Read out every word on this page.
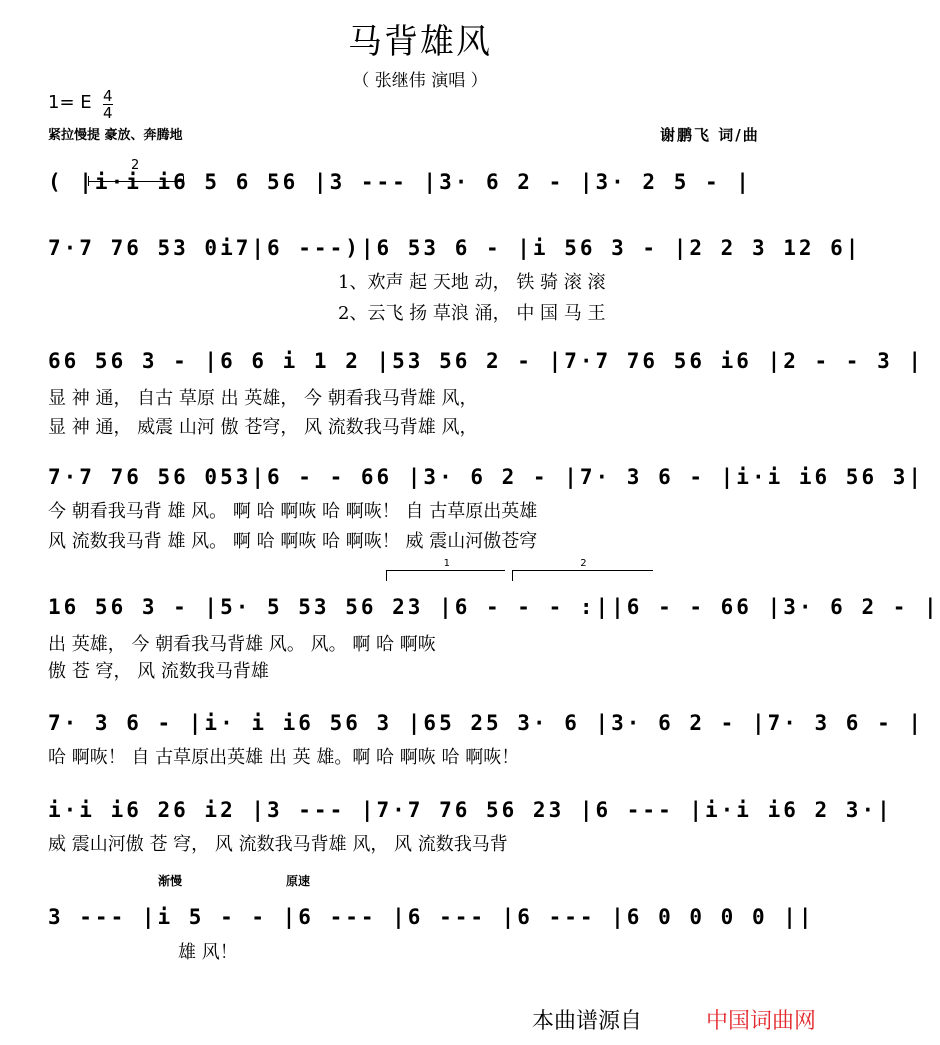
马背雄风
（ 张继伟 演唱 ）
1= E 4
4
紧拉慢提 豪放、奔腾地	谢鹏飞 词/曲
2
( |i·i i6 5 6 56 |3 --- |3· 6 2 - |3· 2 5 - |
7·7 76 53 0i7|6 ---)|6 53 6 - |i 56 3 - |2 2 3 12 6|
66 56 3 - |6 6 i 1 2 |53 56 2 - |7·7 76 56 i6 |2 - - 3 |
7·7 76 56 053|6 - - 66 |3· 6 2 - |7· 3 6 - |i·i i6 56 3|
16 56 3 - |5· 5 53 56 23 |6 - - - :||6 - - 66 |3· 6 2 - |
7· 3 6 - |i· i i6 56 3 |65 25 3· 6 |3· 6 2 - |7· 3 6 - |
i·i i6 26 i2 |3 --- |7·7 76 56 23 |6 --- |i·i i6 2 3·|
3 --- |i 5 - - |6 --- |6 --- |6 --- |6 0 0 0 0 ||
1、欢声 起 天地 动， 铁 骑 滚 滚
2、云飞 扬 草浪 涌， 中 国 马 王
显 神 通， 自古 草原 出 英雄， 今 朝看我马背雄 风，
显 神 通， 威震 山河 傲 苍穹， 风 流数我马背雄 风，
今 朝看我马背 雄 风。 啊 哈 啊咴 哈 啊咴！ 自 古草原出英雄
风 流数我马背 雄 风。 啊 哈 啊咴 哈 啊咴！ 威 震山河傲苍穹
出 英雄， 今 朝看我马背雄 风。 风。 啊 哈 啊咴
傲 苍 穹， 风 流数我马背雄
哈 啊咴！ 自 古草原出英雄 出 英 雄。啊 哈 啊咴 哈 啊咴！
威 震山河傲 苍 穹， 风 流数我马背雄 风， 风 流数我马背
雄 风！
1	2
渐慢	原速
本曲谱源自	中国词曲网
